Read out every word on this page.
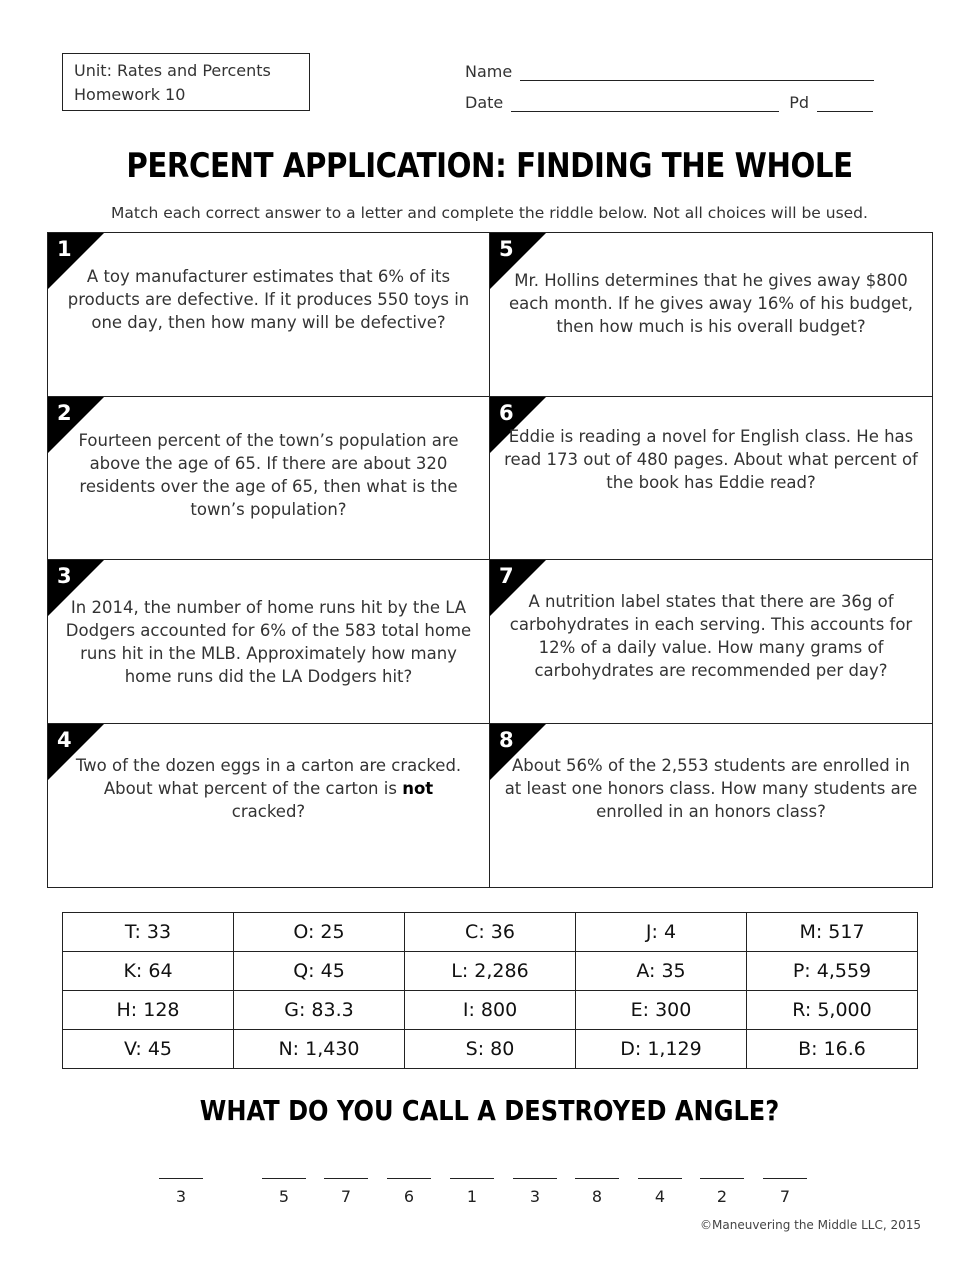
Unit: Rates and Percents
Homework 10
Name
Date	Pd
PERCENT APPLICATION: FINDING THE WHOLE
Match each correct answer to a letter and complete the riddle below. Not all choices will be used.
1
A toy manufacturer estimates that 6% of its products are defective. If it produces 550 toys in one day, then how many will be defective?
5
Mr. Hollins determines that he gives away $800 each month. If he gives away 16% of his budget, then how much is his overall budget?
2
Fourteen percent of the town’s population are above the age of 65. If there are about 320 residents over the age of 65, then what is the town’s population?
6
Eddie is reading a novel for English class. He has read 173 out of 480 pages. About what percent of the book has Eddie read?
3
In 2014, the number of home runs hit by the LA Dodgers accounted for 6% of the 583 total home runs hit in the MLB. Approximately how many home runs did the LA Dodgers hit?
7
A nutrition label states that there are 36g of carbohydrates in each serving. This accounts for 12% of a daily value. How many grams of carbohydrates are recommended per day?
4
Two of the dozen eggs in a carton are cracked. About what percent of the carton is not cracked?
8
About 56% of the 2,553 students are enrolled in at least one honors class. How many students are enrolled in an honors class?
T: 33	O: 25	C: 36	J: 4	M: 517
K: 64	Q: 45	L: 2,286	A: 35	P: 4,559
H: 128	G: 83.3	I: 800	E: 300	R: 5,000
V: 45	N: 1,430	S: 80	D: 1,129	B: 16.6
WHAT DO YOU CALL A DESTROYED ANGLE?
3	5	7	6	1	3	8	4	2	7
©Maneuvering the Middle LLC, 2015
